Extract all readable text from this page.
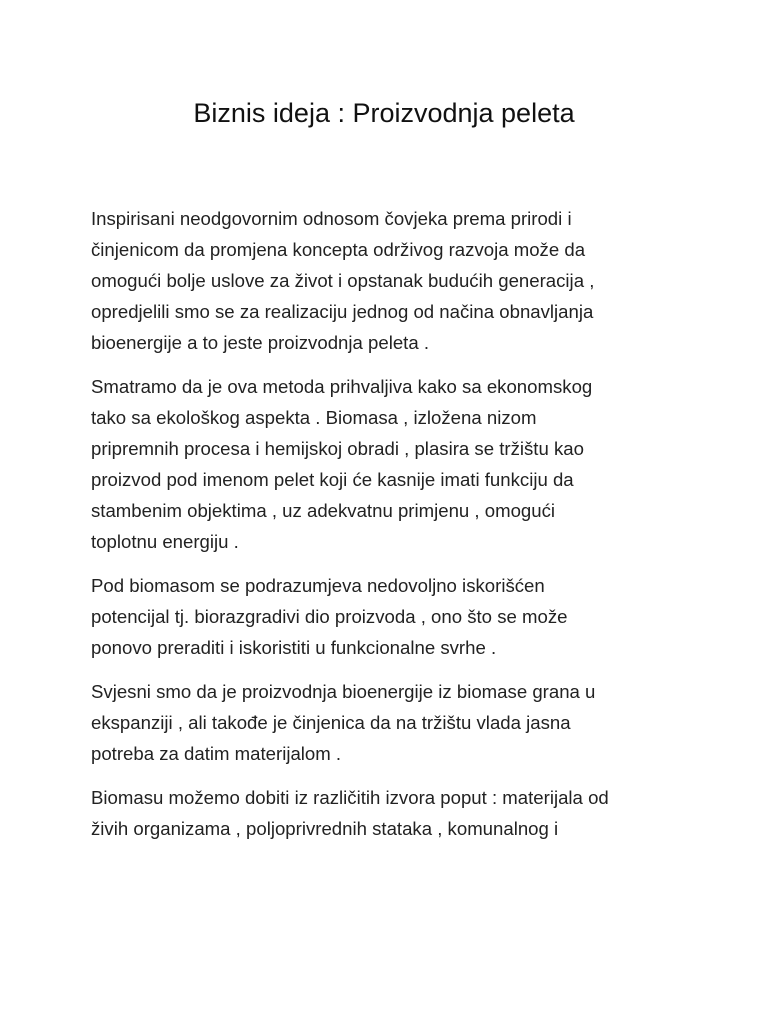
Biznis ideja : Proizvodnja peleta

Inspirisani neodgovornim odnosom čovjeka prema prirodi i
činjenicom da promjena koncepta održivog razvoja može da
omogući bolje uslove za život i opstanak budućih generacija ,
opredjelili smo se za realizaciju jednog od načina obnavljanja
bioenergije a to jeste proizvodnja peleta .

Smatramo da je ova metoda prihvaljiva kako sa ekonomskog
tako sa ekološkog aspekta . Biomasa , izložena nizom
pripremnih procesa i hemijskoj obradi , plasira se tržištu kao
proizvod pod imenom pelet koji će kasnije imati funkciju da
stambenim objektima , uz adekvatnu primjenu , omogući
toplotnu energiju .

Pod biomasom se podrazumjeva nedovoljno iskorišćen
potencijal tj. biorazgradivi dio proizvoda , ono što se može
ponovo preraditi i iskoristiti u funkcionalne svrhe .

Svjesni smo da je proizvodnja bioenergije iz biomase grana u
ekspanziji , ali takođe je činjenica da na tržištu vlada jasna
potreba za datim materijalom .

Biomasu možemo dobiti iz različitih izvora poput : materijala od
živih organizama , poljoprivrednih stataka , komunalnog i
